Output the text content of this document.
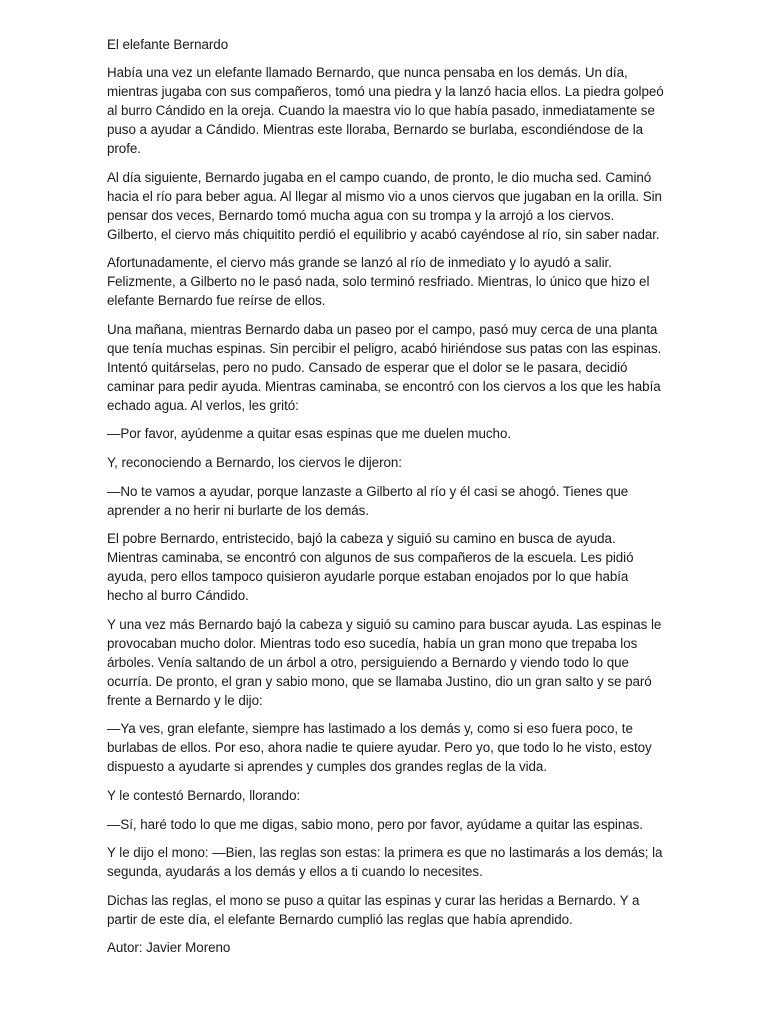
El elefante Bernardo

Había una vez un elefante llamado Bernardo, que nunca pensaba en los demás. Un día, mientras jugaba con sus compañeros, tomó una piedra y la lanzó hacia ellos. La piedra golpeó al burro Cándido en la oreja. Cuando la maestra vio lo que había pasado, inmediatamente se puso a ayudar a Cándido. Mientras este lloraba, Bernardo se burlaba, escondiéndose de la profe.

Al día siguiente, Bernardo jugaba en el campo cuando, de pronto, le dio mucha sed. Caminó hacia el río para beber agua. Al llegar al mismo vio a unos ciervos que jugaban en la orilla. Sin pensar dos veces, Bernardo tomó mucha agua con su trompa y la arrojó a los ciervos. Gilberto, el ciervo más chiquitito perdió el equilibrio y acabó cayéndose al río, sin saber nadar.

Afortunadamente, el ciervo más grande se lanzó al río de inmediato y lo ayudó a salir. Felizmente, a Gilberto no le pasó nada, solo terminó resfriado. Mientras, lo único que hizo el elefante Bernardo fue reírse de ellos.

Una mañana, mientras Bernardo daba un paseo por el campo, pasó muy cerca de una planta que tenía muchas espinas. Sin percibir el peligro, acabó hiriéndose sus patas con las espinas. Intentó quitárselas, pero no pudo. Cansado de esperar que el dolor se le pasara, decidió caminar para pedir ayuda. Mientras caminaba, se encontró con los ciervos a los que les había echado agua. Al verlos, les gritó:

—Por favor, ayúdenme a quitar esas espinas que me duelen mucho.

Y, reconociendo a Bernardo, los ciervos le dijeron:

—No te vamos a ayudar, porque lanzaste a Gilberto al río y él casi se ahogó. Tienes que aprender a no herir ni burlarte de los demás.

El pobre Bernardo, entristecido, bajó la cabeza y siguió su camino en busca de ayuda. Mientras caminaba, se encontró con algunos de sus compañeros de la escuela. Les pidió ayuda, pero ellos tampoco quisieron ayudarle porque estaban enojados por lo que había hecho al burro Cándido.

Y una vez más Bernardo bajó la cabeza y siguió su camino para buscar ayuda. Las espinas le provocaban mucho dolor. Mientras todo eso sucedía, había un gran mono que trepaba los árboles. Venía saltando de un árbol a otro, persiguiendo a Bernardo y viendo todo lo que ocurría. De pronto, el gran y sabio mono, que se llamaba Justino, dio un gran salto y se paró frente a Bernardo y le dijo:

—Ya ves, gran elefante, siempre has lastimado a los demás y, como si eso fuera poco, te burlabas de ellos. Por eso, ahora nadie te quiere ayudar. Pero yo, que todo lo he visto, estoy dispuesto a ayudarte si aprendes y cumples dos grandes reglas de la vida.

Y le contestó Bernardo, llorando:

—Sí, haré todo lo que me digas, sabio mono, pero por favor, ayúdame a quitar las espinas.

Y le dijo el mono: —Bien, las reglas son estas: la primera es que no lastimarás a los demás; la segunda, ayudarás a los demás y ellos a ti cuando lo necesites.

Dichas las reglas, el mono se puso a quitar las espinas y curar las heridas a Bernardo. Y a partir de este día, el elefante Bernardo cumplió las reglas que había aprendido.

Autor: Javier Moreno
